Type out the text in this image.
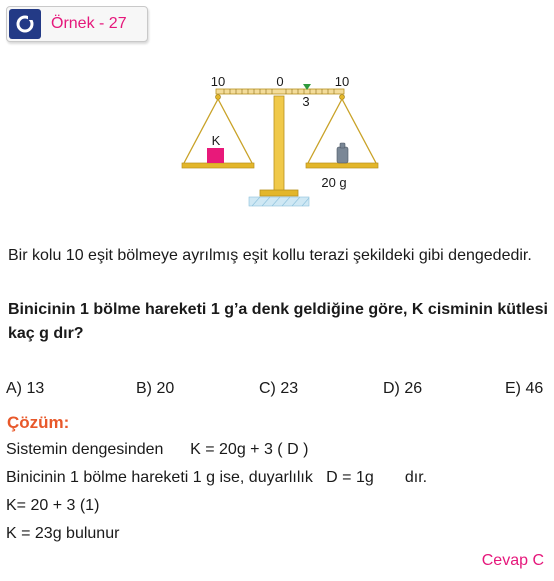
Örnek - 27
10	0	10
3
K
20 g
Bir kolu 10 eşit bölmeye ayrılmış eşit kollu terazi şekildeki gibi dengededir.
Binicinin 1 bölme hareketi 1 g’a denk geldiğine göre, K cisminin kütlesi kaç g dır?
A) 13	B) 20	C) 23	D) 26	E) 46
Çözüm:
Sistemin dengesinden      K = 20g + 3 ( D )
Binicinin 1 bölme hareketi 1 g ise, duyarlılık   D = 1g       dır.
K= 20 + 3 (1)
K = 23g bulunur
Cevap C
